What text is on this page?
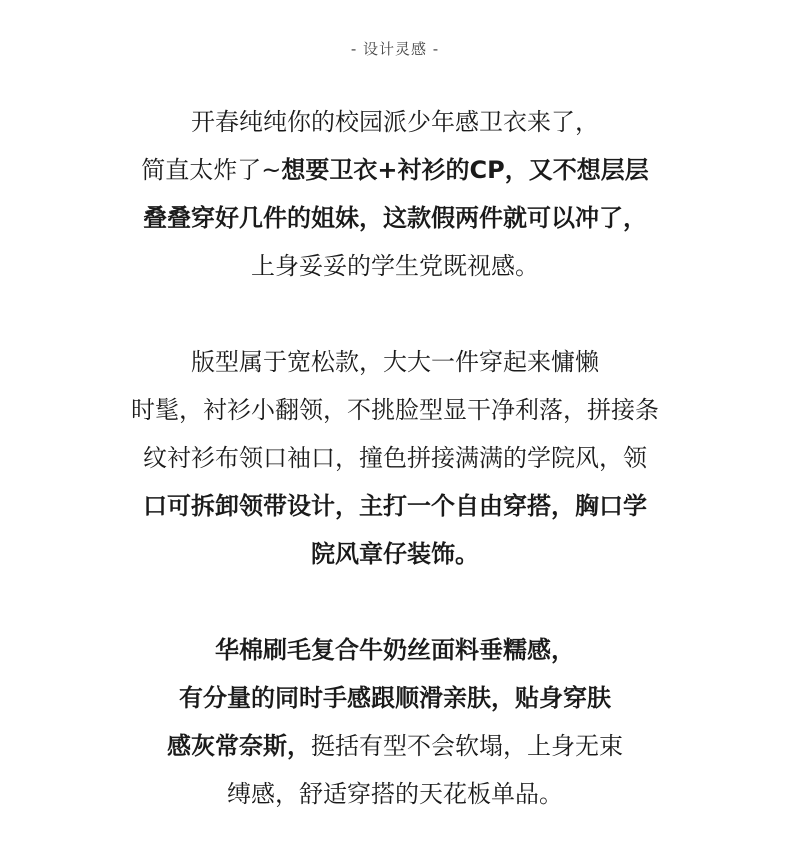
- 设计灵感 -
开春纯纯你的校园派少年感卫衣来了，
简直太炸了~想要卫衣+衬衫的CP，又不想层层
叠叠穿好几件的姐妹，这款假两件就可以冲了，
上身妥妥的学生党既视感。
版型属于宽松款，大大一件穿起来慵懒
时髦，衬衫小翻领，不挑脸型显干净利落，拼接条
纹衬衫布领口袖口，撞色拼接满满的学院风，领
口可拆卸领带设计，主打一个自由穿搭，胸口学
院风章仔装饰。
华棉刷毛复合牛奶丝面料垂糯感，
有分量的同时手感跟顺滑亲肤，贴身穿肤
感灰常奈斯，挺括有型不会软塌，上身无束
缚感，舒适穿搭的天花板单品。
